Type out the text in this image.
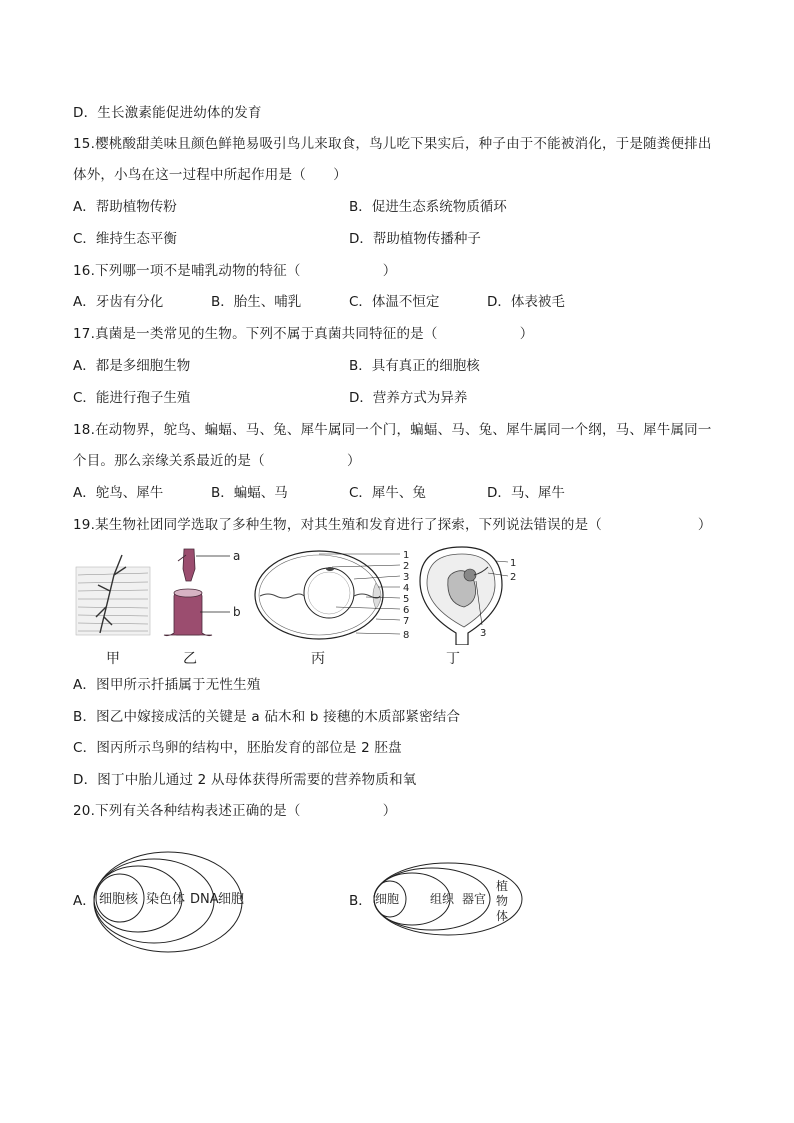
D．生长激素能促进幼体的发育
15.樱桃酸甜美味且颜色鲜艳易吸引鸟儿来取食，鸟儿吃下果实后，种子由于不能被消化，于是随粪便排出
体外，小鸟在这一过程中所起作用是（　　）
A．帮助植物传粉	B．促进生态系统物质循环
C．维持生态平衡	D．帮助植物传播种子
16.下列哪一项不是哺乳动物的特征（　　　　　　）
A．牙齿有分化	B．胎生、哺乳	C．体温不恒定	D．体表被毛
17.真菌是一类常见的生物。下列不属于真菌共同特征的是（　　　　　　）
A．都是多细胞生物	B．具有真正的细胞核
C．能进行孢子生殖	D．营养方式为异养
18.在动物界，鸵鸟、蝙蝠、马、兔、犀牛属同一个门，蝙蝠、马、兔、犀牛属同一个纲，马、犀牛属同一
个目。那么亲缘关系最近的是（　　　　　　）
A．鸵鸟、犀牛	B．蝙蝠、马	C．犀牛、兔	D．马、犀牛
19.某生物社团同学选取了多种生物，对其生殖和发育进行了探索，下列说法错误的是（　　　　　　　）
a
b
1
2
3
4
5
6
7
8
1
2
3
甲	乙	丙	丁
A．图甲所示扦插属于无性生殖
B．图乙中嫁接成活的关键是 a 砧木和 b 接穗的木质部紧密结合
C．图丙所示鸟卵的结构中，胚胎发育的部位是 2 胚盘
D．图丁中胎儿通过 2 从母体获得所需要的营养物质和氧
20.下列有关各种结构表述正确的是（　　　　　　）
A． 细胞核 染色体 DNA 细胞	B． 细胞	组织 器官
植
物
体
